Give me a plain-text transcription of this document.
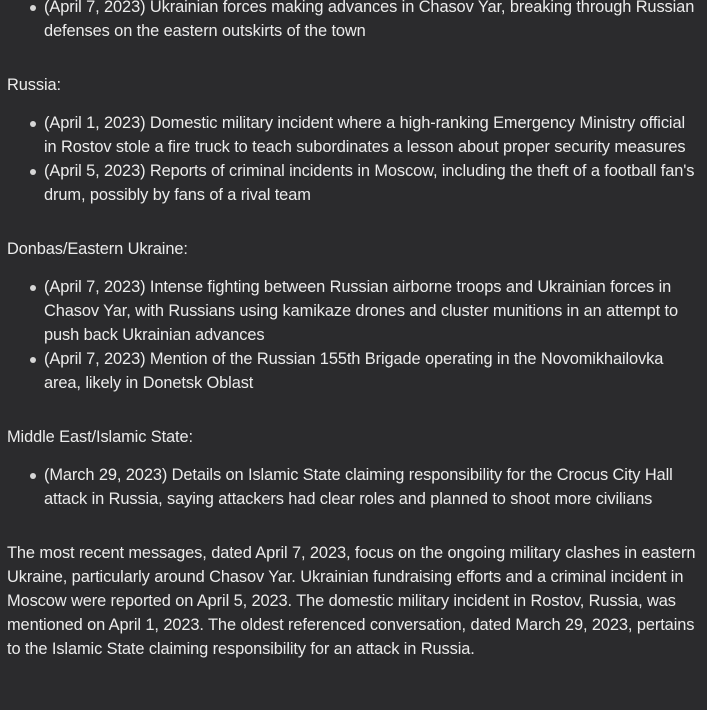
(April 7, 2023) Ukrainian forces making advances in Chasov Yar, breaking through Russian defenses on the eastern outskirts of the town

Russia:

(April 1, 2023) Domestic military incident where a high-ranking Emergency Ministry official in Rostov stole a fire truck to teach subordinates a lesson about proper security measures
(April 5, 2023) Reports of criminal incidents in Moscow, including the theft of a football fan's drum, possibly by fans of a rival team

Donbas/Eastern Ukraine:

(April 7, 2023) Intense fighting between Russian airborne troops and Ukrainian forces in Chasov Yar, with Russians using kamikaze drones and cluster munitions in an attempt to push back Ukrainian advances
(April 7, 2023) Mention of the Russian 155th Brigade operating in the Novomikhailovka area, likely in Donetsk Oblast

Middle East/Islamic State:

(March 29, 2023) Details on Islamic State claiming responsibility for the Crocus City Hall attack in Russia, saying attackers had clear roles and planned to shoot more civilians

The most recent messages, dated April 7, 2023, focus on the ongoing military clashes in eastern Ukraine, particularly around Chasov Yar. Ukrainian fundraising efforts and a criminal incident in Moscow were reported on April 5, 2023. The domestic military incident in Rostov, Russia, was mentioned on April 1, 2023. The oldest referenced conversation, dated March 29, 2023, pertains to the Islamic State claiming responsibility for an attack in Russia.
